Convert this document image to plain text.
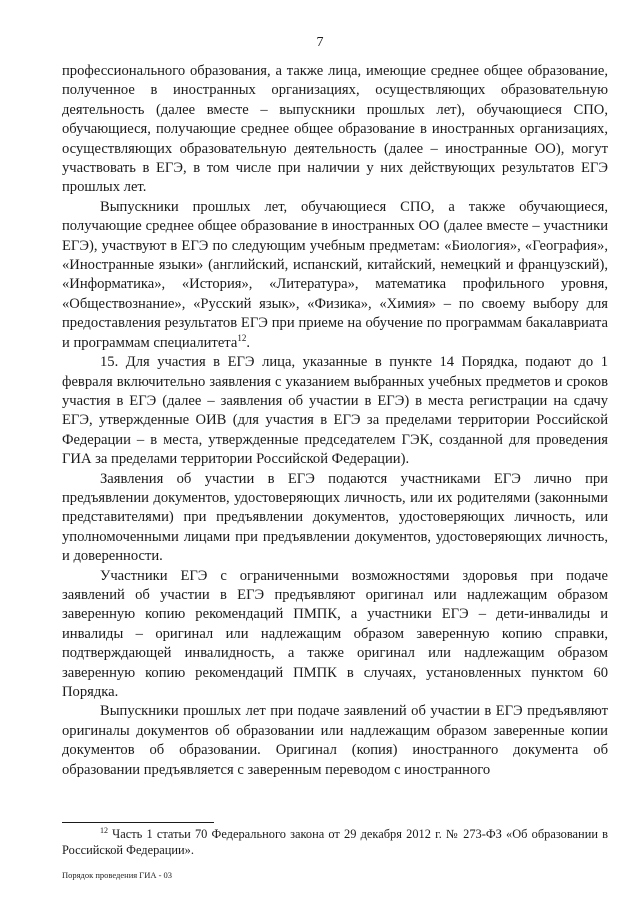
7

профессионального образования, а также лица, имеющие среднее общее образование, полученное в иностранных организациях, осуществляющих образовательную деятельность (далее вместе – выпускники прошлых лет), обучающиеся СПО, обучающиеся, получающие среднее общее образование в иностранных организациях, осуществляющих образовательную деятельность (далее – иностранные ОО), могут участвовать в ЕГЭ, в том числе при наличии у них действующих результатов ЕГЭ прошлых лет.

Выпускники прошлых лет, обучающиеся СПО, а также обучающиеся, получающие среднее общее образование в иностранных ОО (далее вместе – участники ЕГЭ), участвуют в ЕГЭ по следующим учебным предметам: «Биология», «География», «Иностранные языки» (английский, испанский, китайский, немецкий и французский), «Информатика», «История», «Литература», математика профильного уровня, «Обществознание», «Русский язык», «Физика», «Химия» – по своему выбору для предоставления результатов ЕГЭ при приеме на обучение по программам бакалавриата и программам специалитета$^{12}$.

15. Для участия в ЕГЭ лица, указанные в пункте 14 Порядка, подают до 1 февраля включительно заявления с указанием выбранных учебных предметов и сроков участия в ЕГЭ (далее – заявления об участии в ЕГЭ) в места регистрации на сдачу ЕГЭ, утвержденные ОИВ (для участия в ЕГЭ за пределами территории Российской Федерации – в места, утвержденные председателем ГЭК, созданной для проведения ГИА за пределами территории Российской Федерации).

Заявления об участии в ЕГЭ подаются участниками ЕГЭ лично при предъявлении документов, удостоверяющих личность, или их родителями (законными представителями) при предъявлении документов, удостоверяющих личность, или уполномоченными лицами при предъявлении документов, удостоверяющих личность, и доверенности.

Участники ЕГЭ с ограниченными возможностями здоровья при подаче заявлений об участии в ЕГЭ предъявляют оригинал или надлежащим образом заверенную копию рекомендаций ПМПК, а участники ЕГЭ – дети-инвалиды и инвалиды – оригинал или надлежащим образом заверенную копию справки, подтверждающей инвалидность, а также оригинал или надлежащим образом заверенную копию рекомендаций ПМПК в случаях, установленных пунктом 60 Порядка.

Выпускники прошлых лет при подаче заявлений об участии в ЕГЭ предъявляют оригиналы документов об образовании или надлежащим образом заверенные копии документов об образовании. Оригинал (копия) иностранного документа об образовании предъявляется с заверенным переводом с иностранного

$^{12}$ Часть 1 статьи 70 Федерального закона от 29 декабря 2012 г. № 273-ФЗ «Об образовании в Российской Федерации».
Порядок проведения ГИА - 03
